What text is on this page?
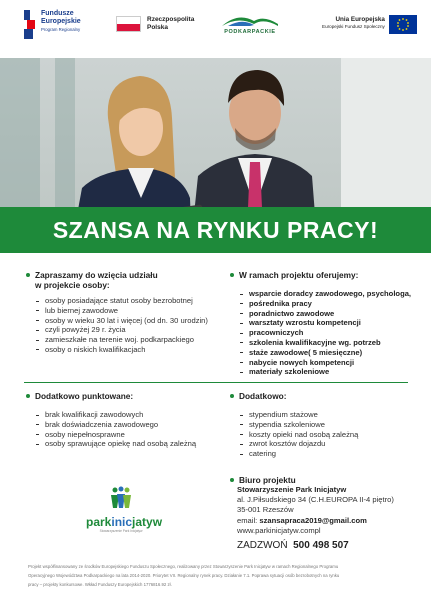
Fundusze
Europejskie
Program Regionalny
Rzeczpospolita
Polska
PODKARPACKIE
Unia Europejska
Europejski Fundusz Społeczny
SZANSA NA RYNKU PRACY!
Zapraszamy do wzięcia udziału
w projekcie osoby:
osoby posiadające statut osoby bezrobotnej
lub biernej zawodowe
osoby w wieku 30 lat i więcej (od dn. 30 urodzin)
czyli powyżej 29 r. życia
zamieszkałe na terenie woj. podkarpackiego
osoby o niskich kwalifikacjach
W ramach projektu oferujemy:
wsparcie doradcy zawodowego, psychologa,
pośrednika pracy
poradnictwo zawodowe
warsztaty wzrostu kompetencji
pracowniczych
szkolenia kwalifikacyjne wg. potrzeb
staże zawodowe( 5 miesięczne)
nabycie nowych kompetencji
materiały szkoleniowe
Dodatkowo punktowane:
brak kwalifikacji zawodowych
brak doświadczenia zawodowego
osoby niepełnosprawne
osoby sprawujące opiekę nad osobą zależną
Dodatkowo:
stypendium stażowe
stypendia szkoleniowe
koszty opieki nad osobą zależną
zwrot kosztów dojazdu
catering
Biuro projektu
parkinicjatyw
Stowarzyszenie Park Inicjatyw
Stowarzyszenie Park Inicjatyw
al. J.Piłsudskiego 34 (C.H.EUROPA II-4 piętro)
35-001 Rzeszów
email: szansapraca2019@gmail.com
www.parkinicjatyw.compl
ZADZWOŃ 500 498 507
Projekt współfinansowany ze środków Europejskiego Funduszu Społecznego, realizowany przez Stowarzyszenie Park Inicjatyw w ramach Regionalnego Programu
Operacyjnego Województwa Podkarpackiego na lata 2014-2020. Priorytet VII. Regionalny rynek pracy. Działanie 7.1. Poprawa sytuacji osób bezrobotnych na rynku
pracy – projekty konkursowe. Wkład Funduszy Europejskich 1776816.92 zł.
